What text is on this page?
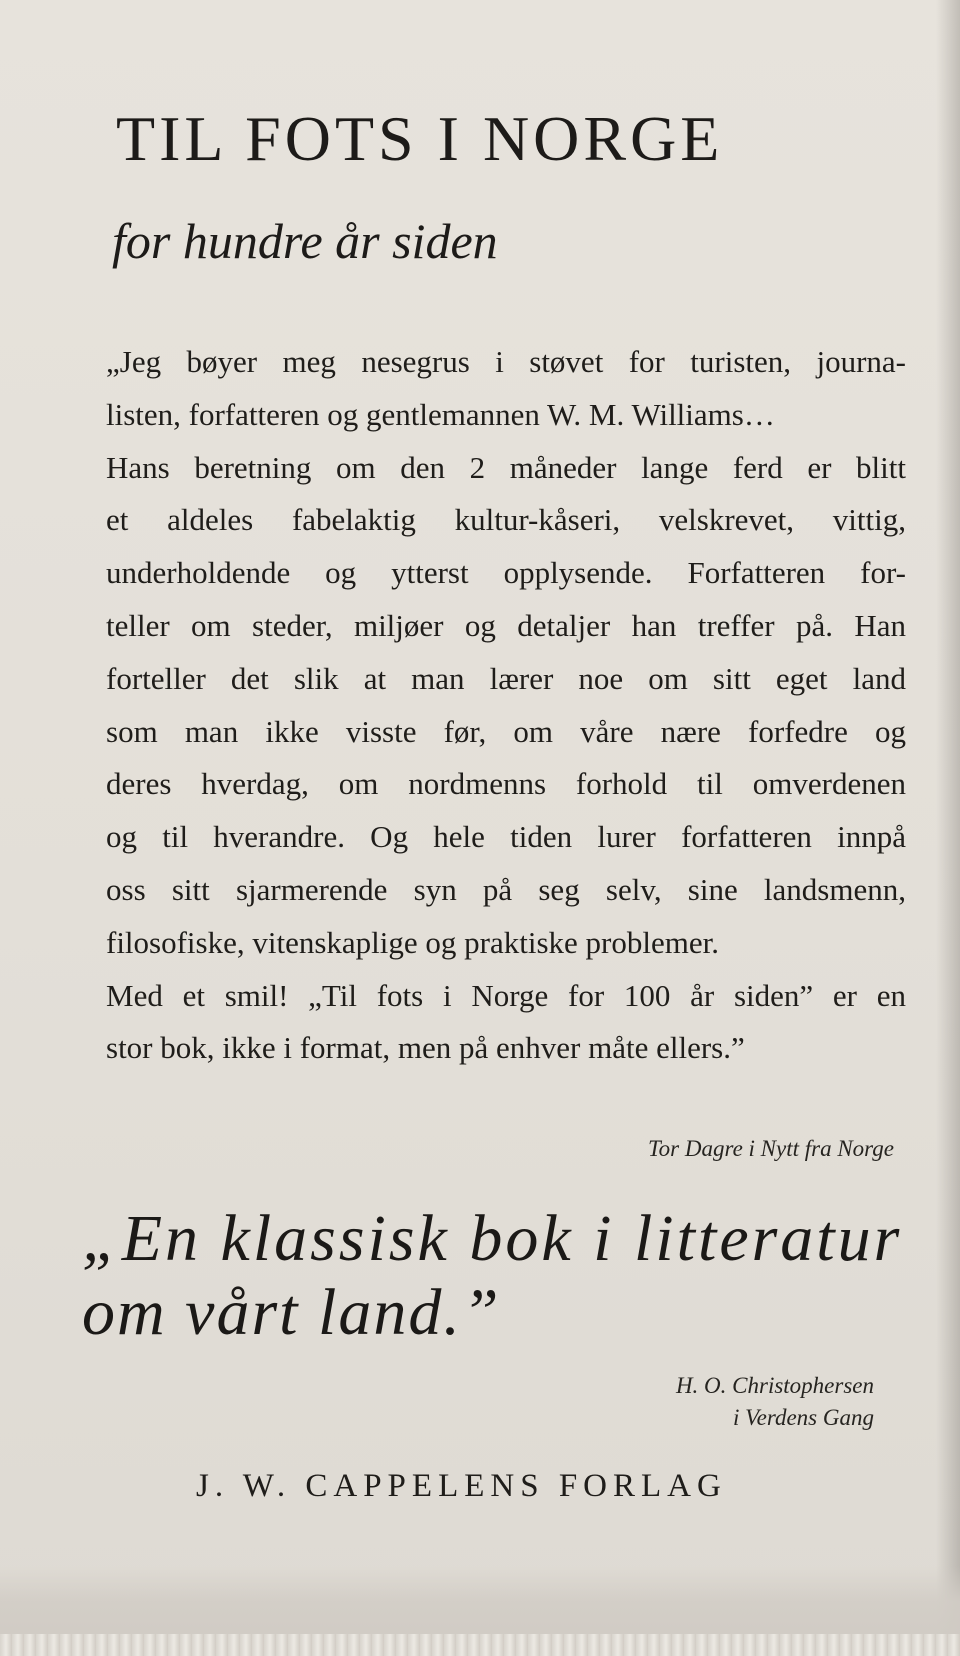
TIL FOTS I NORGE
for hundre år siden
„Jeg bøyer meg nesegrus i støvet for turisten, journa-
listen, forfatteren og gentlemannen W. M. Williams…
Hans beretning om den 2 måneder lange ferd er blitt
et aldeles fabelaktig kultur-kåseri, velskrevet, vittig,
underholdende og ytterst opplysende. Forfatteren for-
teller om steder, miljøer og detaljer han treffer på. Han
forteller det slik at man lærer noe om sitt eget land
som man ikke visste før, om våre nære forfedre og
deres hverdag, om nordmenns forhold til omverdenen
og til hverandre. Og hele tiden lurer forfatteren innpå
oss sitt sjarmerende syn på seg selv, sine landsmenn,
filosofiske, vitenskaplige og praktiske problemer.
Med et smil! „Til fots i Norge for 100 år siden” er en
stor bok, ikke i format, men på enhver måte ellers.”

Tor Dagre i Nytt fra Norge

„En klassisk bok i litteratur
om vårt land.”
H. O. Christophersen
i Verdens Gang

J. W. CAPPELENS FORLAG
